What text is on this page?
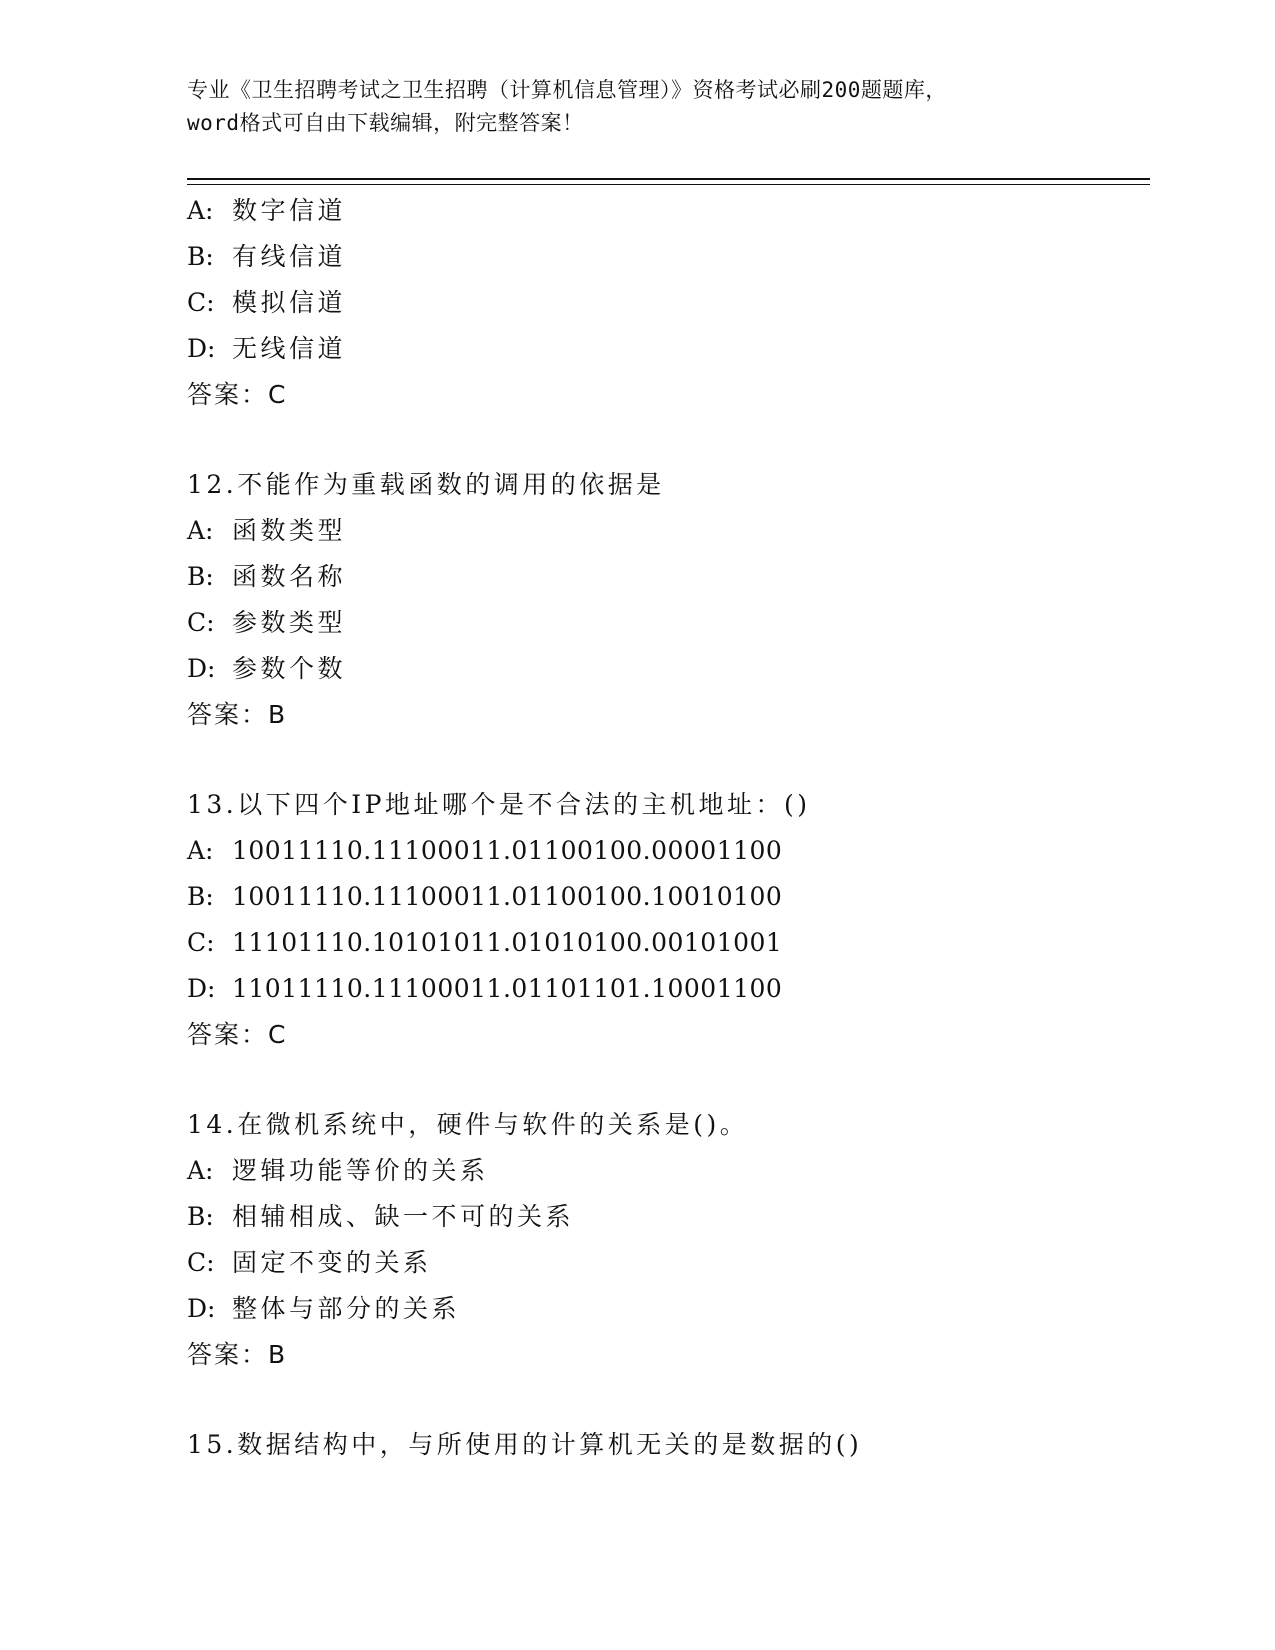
专业《卫生招聘考试之卫生招聘（计算机信息管理）》资格考试必刷200题题库，
word格式可自由下载编辑，附完整答案！
A: 数字信道
B: 有线信道
C: 模拟信道
D: 无线信道
答案：C
12.不能作为重载函数的调用的依据是
A: 函数类型
B: 函数名称
C: 参数类型
D: 参数个数
答案：B
13.以下四个IP地址哪个是不合法的主机地址：()
A: 10011110.11100011.01100100.00001100
B: 10011110.11100011.01100100.10010100
C: 11101110.10101011.01010100.00101001
D: 11011110.11100011.01101101.10001100
答案：C
14.在微机系统中，硬件与软件的关系是()。
A: 逻辑功能等价的关系
B: 相辅相成、缺一不可的关系
C: 固定不变的关系
D: 整体与部分的关系
答案：B
15.数据结构中，与所使用的计算机无关的是数据的()
